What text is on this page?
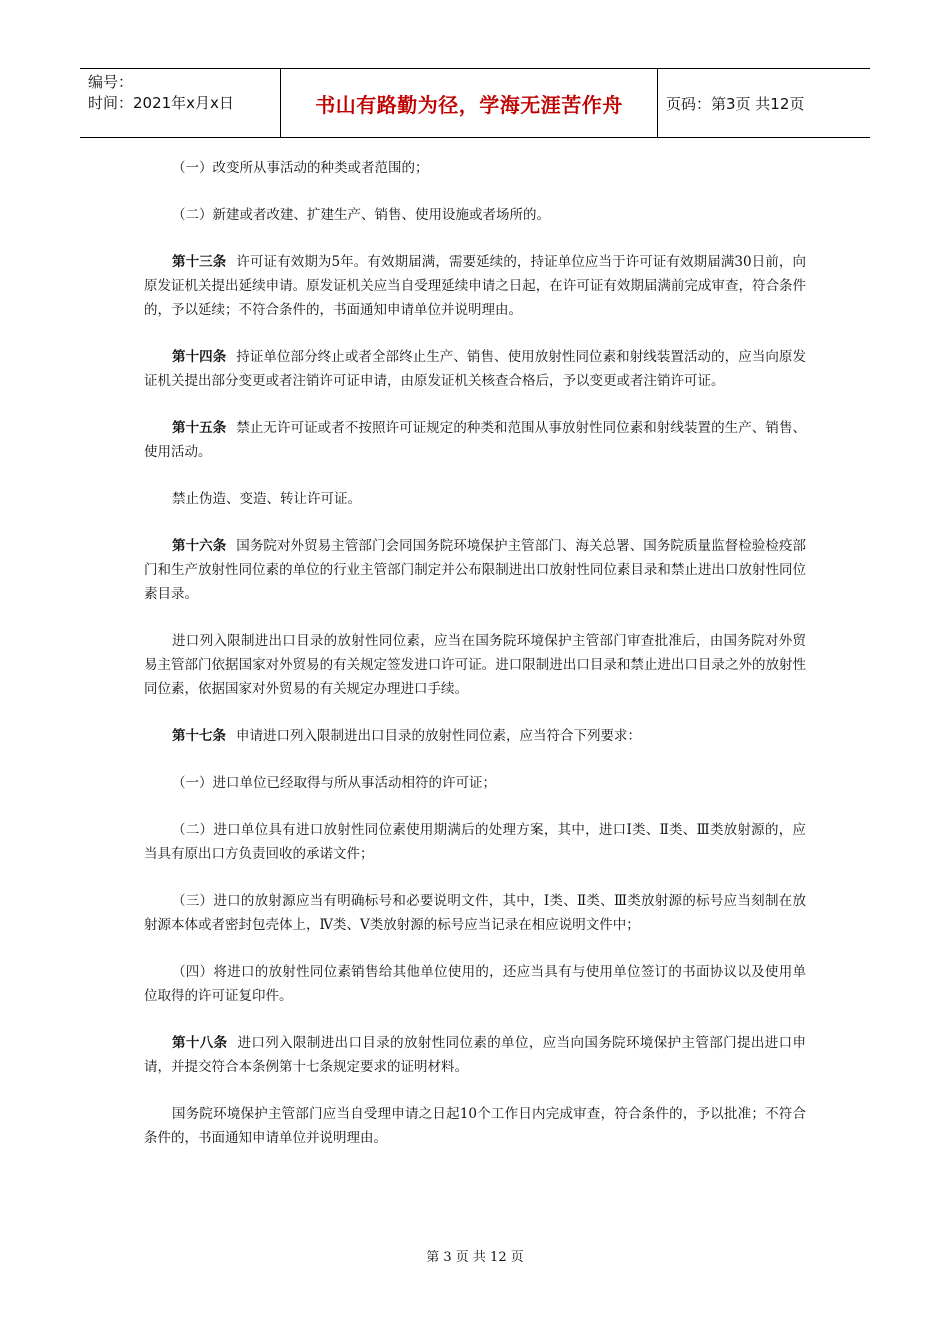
编号：
时间：2021年x月x日	书山有路勤为径，学海无涯苦作舟	页码：第3页 共12页

（一）改变所从事活动的种类或者范围的；

（二）新建或者改建、扩建生产、销售、使用设施或者场所的。

第十三条 许可证有效期为5年。有效期届满，需要延续的，持证单位应当于许可证有效期届满30日前，向原发证机关提出延续申请。原发证机关应当自受理延续申请之日起，在许可证有效期届满前完成审查，符合条件的，予以延续；不符合条件的，书面通知申请单位并说明理由。

第十四条 持证单位部分终止或者全部终止生产、销售、使用放射性同位素和射线装置活动的，应当向原发证机关提出部分变更或者注销许可证申请，由原发证机关核查合格后，予以变更或者注销许可证。

第十五条 禁止无许可证或者不按照许可证规定的种类和范围从事放射性同位素和射线装置的生产、销售、使用活动。

禁止伪造、变造、转让许可证。

第十六条 国务院对外贸易主管部门会同国务院环境保护主管部门、海关总署、国务院质量监督检验检疫部门和生产放射性同位素的单位的行业主管部门制定并公布限制进出口放射性同位素目录和禁止进出口放射性同位素目录。

进口列入限制进出口目录的放射性同位素，应当在国务院环境保护主管部门审查批准后，由国务院对外贸易主管部门依据国家对外贸易的有关规定签发进口许可证。进口限制进出口目录和禁止进出口目录之外的放射性同位素，依据国家对外贸易的有关规定办理进口手续。

第十七条 申请进口列入限制进出口目录的放射性同位素，应当符合下列要求：

（一）进口单位已经取得与所从事活动相符的许可证；

（二）进口单位具有进口放射性同位素使用期满后的处理方案，其中，进口Ⅰ类、Ⅱ类、Ⅲ类放射源的，应当具有原出口方负责回收的承诺文件；

（三）进口的放射源应当有明确标号和必要说明文件，其中，Ⅰ类、Ⅱ类、Ⅲ类放射源的标号应当刻制在放射源本体或者密封包壳体上，Ⅳ类、Ⅴ类放射源的标号应当记录在相应说明文件中；

（四）将进口的放射性同位素销售给其他单位使用的，还应当具有与使用单位签订的书面协议以及使用单位取得的许可证复印件。

第十八条 进口列入限制进出口目录的放射性同位素的单位，应当向国务院环境保护主管部门提出进口申请，并提交符合本条例第十七条规定要求的证明材料。

国务院环境保护主管部门应当自受理申请之日起10个工作日内完成审查，符合条件的，予以批准；不符合条件的，书面通知申请单位并说明理由。

第 3 页 共 12 页
